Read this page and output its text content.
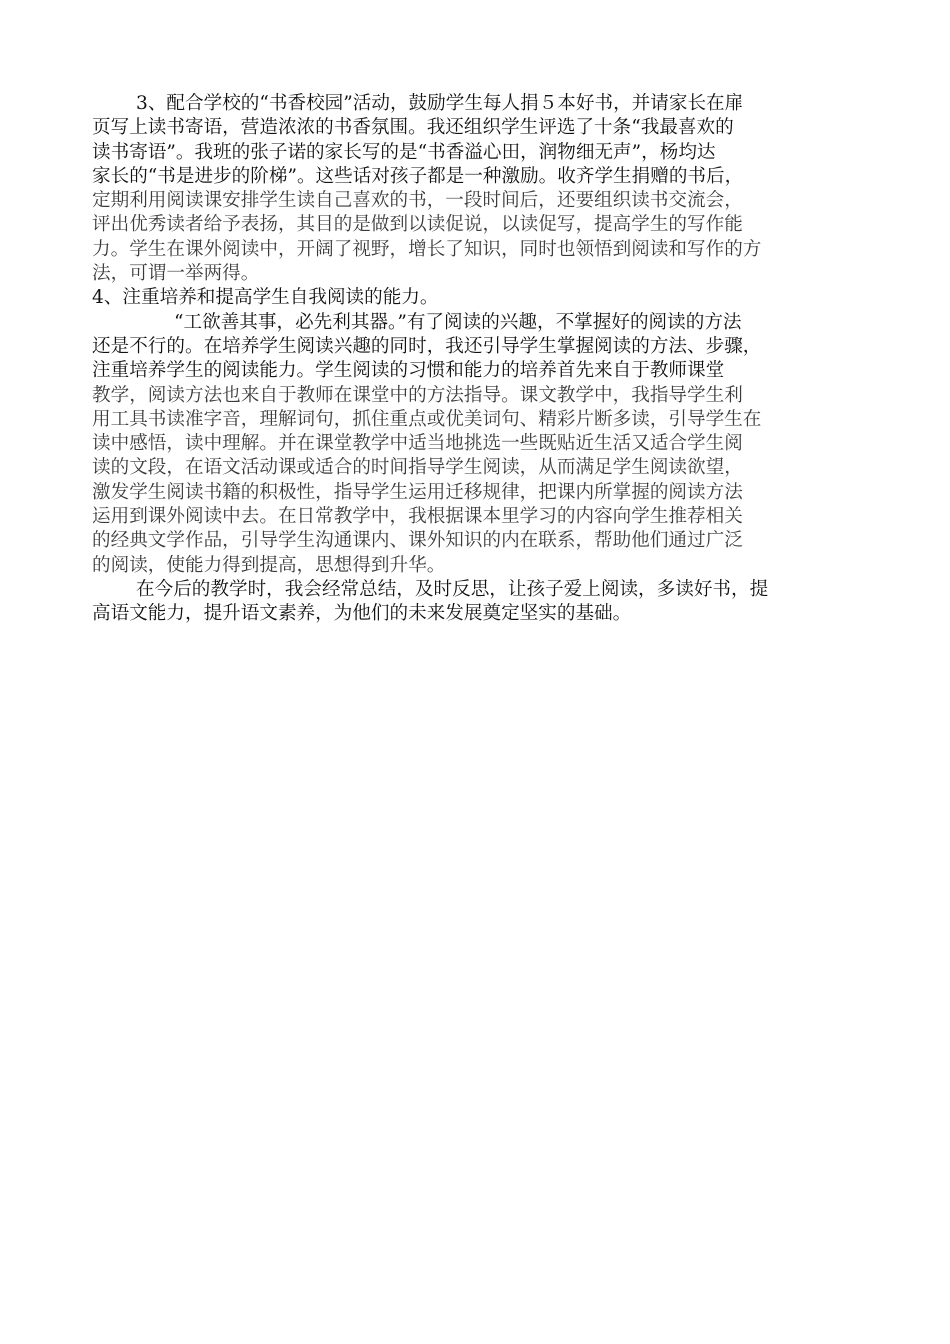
3、配合学校的“书香校园”活动，鼓励学生每人捐５本好书，并请家长在扉
页写上读书寄语，营造浓浓的书香氛围。我还组织学生评选了十条“我最喜欢的
读书寄语”。我班的张子诺的家长写的是“书香溢心田，润物细无声”，杨均达
家长的“书是进步的阶梯”。这些话对孩子都是一种激励。收齐学生捐赠的书后，
定期利用阅读课安排学生读自己喜欢的书，一段时间后，还要组织读书交流会，
评出优秀读者给予表扬，其目的是做到以读促说，以读促写，提高学生的写作能
力。学生在课外阅读中，开阔了视野，增长了知识，同时也领悟到阅读和写作的方
法，可谓一举两得。
4、注重培养和提高学生自我阅读的能力。
“工欲善其事，必先利其器。”有了阅读的兴趣，不掌握好的阅读的方法
还是不行的。在培养学生阅读兴趣的同时，我还引导学生掌握阅读的方法、步骤，
注重培养学生的阅读能力。学生阅读的习惯和能力的培养首先来自于教师课堂
教学，阅读方法也来自于教师在课堂中的方法指导。课文教学中，我指导学生利
用工具书读准字音，理解词句，抓住重点或优美词句、精彩片断多读，引导学生在
读中感悟，读中理解。并在课堂教学中适当地挑选一些既贴近生活又适合学生阅
读的文段，在语文活动课或适合的时间指导学生阅读，从而满足学生阅读欲望，
激发学生阅读书籍的积极性，指导学生运用迁移规律，把课内所掌握的阅读方法
运用到课外阅读中去。在日常教学中，我根据课本里学习的内容向学生推荐相关
的经典文学作品，引导学生沟通课内、课外知识的内在联系，帮助他们通过广泛
的阅读，使能力得到提高，思想得到升华。
在今后的教学时，我会经常总结，及时反思，让孩子爱上阅读，多读好书，提
高语文能力，提升语文素养，为他们的未来发展奠定坚实的基础。
